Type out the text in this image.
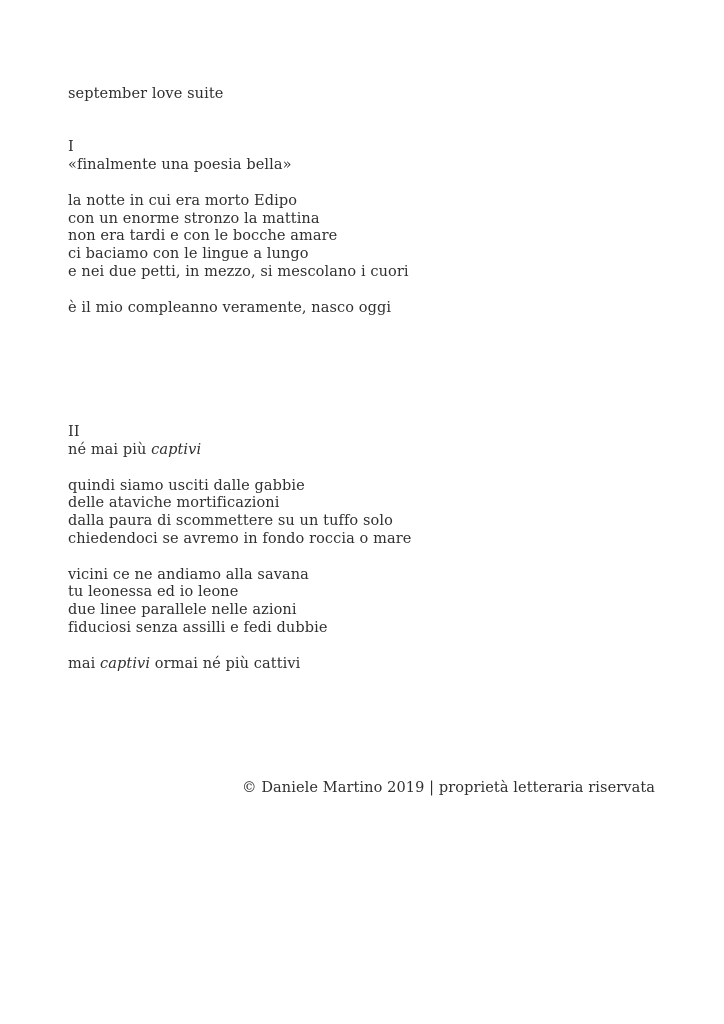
september love suite
I
«finalmente una poesia bella»
la notte in cui era morto Edipo
con un enorme stronzo la mattina
non era tardi e con le bocche amare
ci baciamo con le lingue a lungo
e nei due petti, in mezzo, si mescolano i cuori
è il mio compleanno veramente, nasco oggi
II
né mai più captivi
quindi siamo usciti dalle gabbie
delle ataviche mortificazioni
dalla paura di scommettere su un tuffo solo
chiedendoci se avremo in fondo roccia o mare
vicini ce ne andiamo alla savana
tu leonessa ed io leone
due linee parallele nelle azioni
fiduciosi senza assilli e fedi dubbie
mai captivi ormai né più cattivi
© Daniele Martino 2019 | proprietà letteraria riservata
